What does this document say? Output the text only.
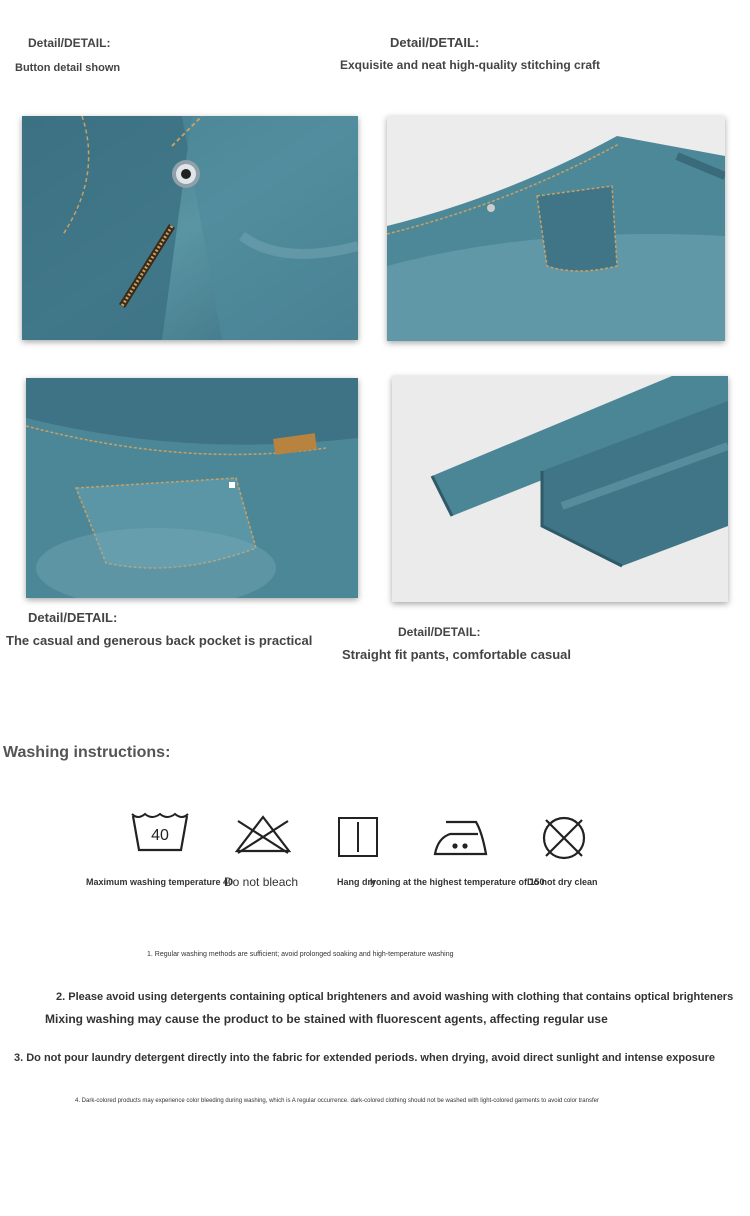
Detail/DETAIL:
Button detail shown
Detail/DETAIL:
Exquisite and neat high-quality stitching craft
Detail/DETAIL:
The casual and generous back pocket is practical
Detail/DETAIL:
Straight fit pants, comfortable casual
Washing instructions:
40
Maximum washing temperature 40
Do not bleach	Hang dry
Ironing at the highest temperature of 150
Do not dry clean
1. Regular washing methods are sufficient; avoid prolonged soaking and high-temperature washing
2. Please avoid using detergents containing optical brighteners and avoid washing with clothing that contains optical brighteners
Mixing washing may cause the product to be stained with fluorescent agents, affecting regular use
3. Do not pour laundry detergent directly into the fabric for extended periods. when drying, avoid direct sunlight and intense exposure
4. Dark-colored products may experience color bleeding during washing, which is A regular occurrence. dark-colored clothing should not be washed with light-colored garments to avoid color transfer
